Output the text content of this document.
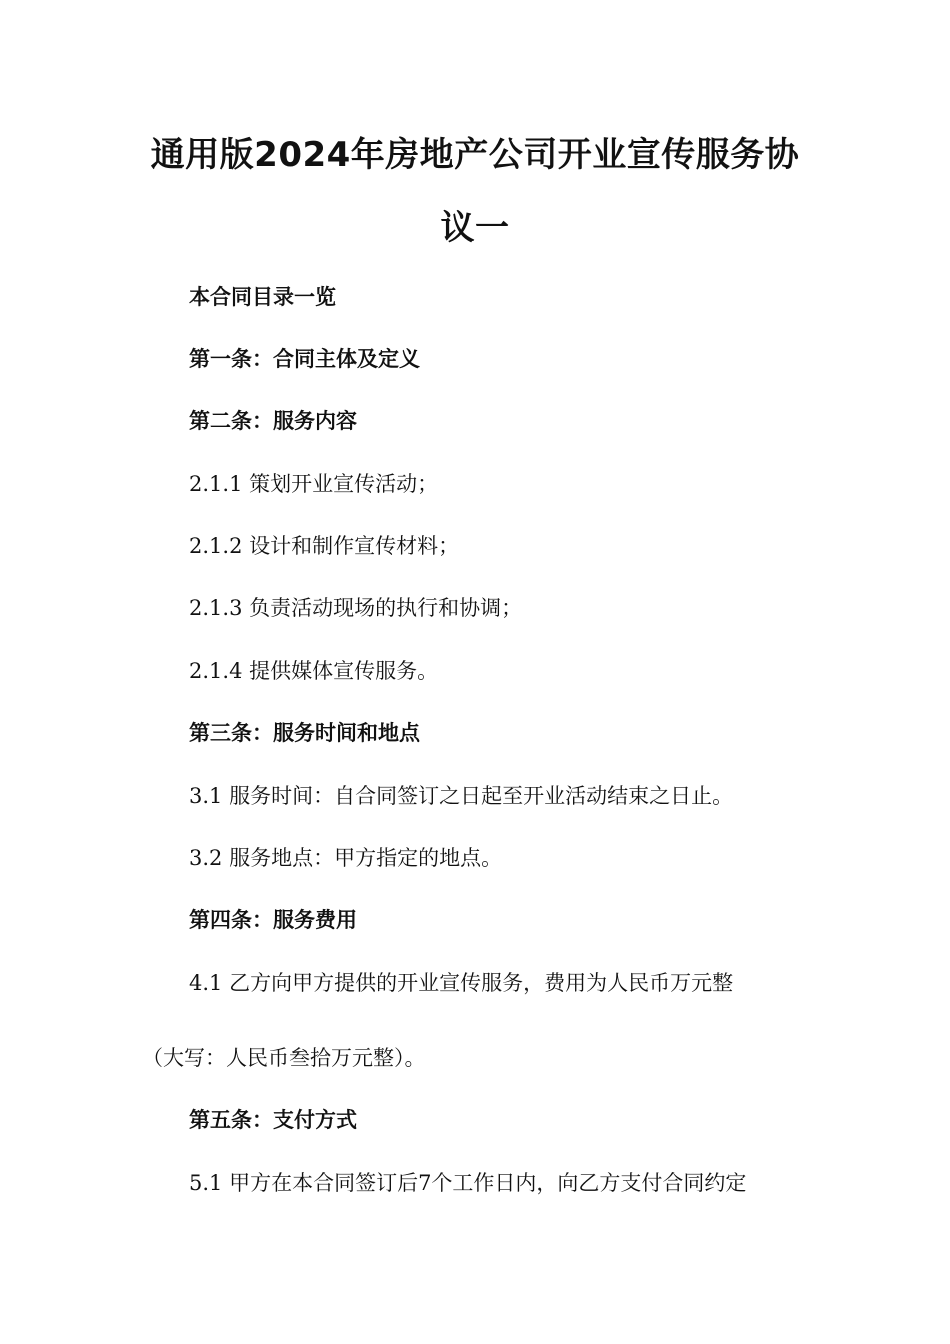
通用版2024年房地产公司开业宣传服务协
议一
本合同目录一览
第一条：合同主体及定义
第二条：服务内容
2.1.1 策划开业宣传活动；
2.1.2 设计和制作宣传材料；
2.1.3 负责活动现场的执行和协调；
2.1.4 提供媒体宣传服务。
第三条：服务时间和地点
3.1 服务时间：自合同签订之日起至开业活动结束之日止。
3.2 服务地点：甲方指定的地点。
第四条：服务费用
4.1 乙方向甲方提供的开业宣传服务，费用为人民币万元整
（大写：人民币叁拾万元整）。
第五条：支付方式
5.1 甲方在本合同签订后7个工作日内，向乙方支付合同约定
